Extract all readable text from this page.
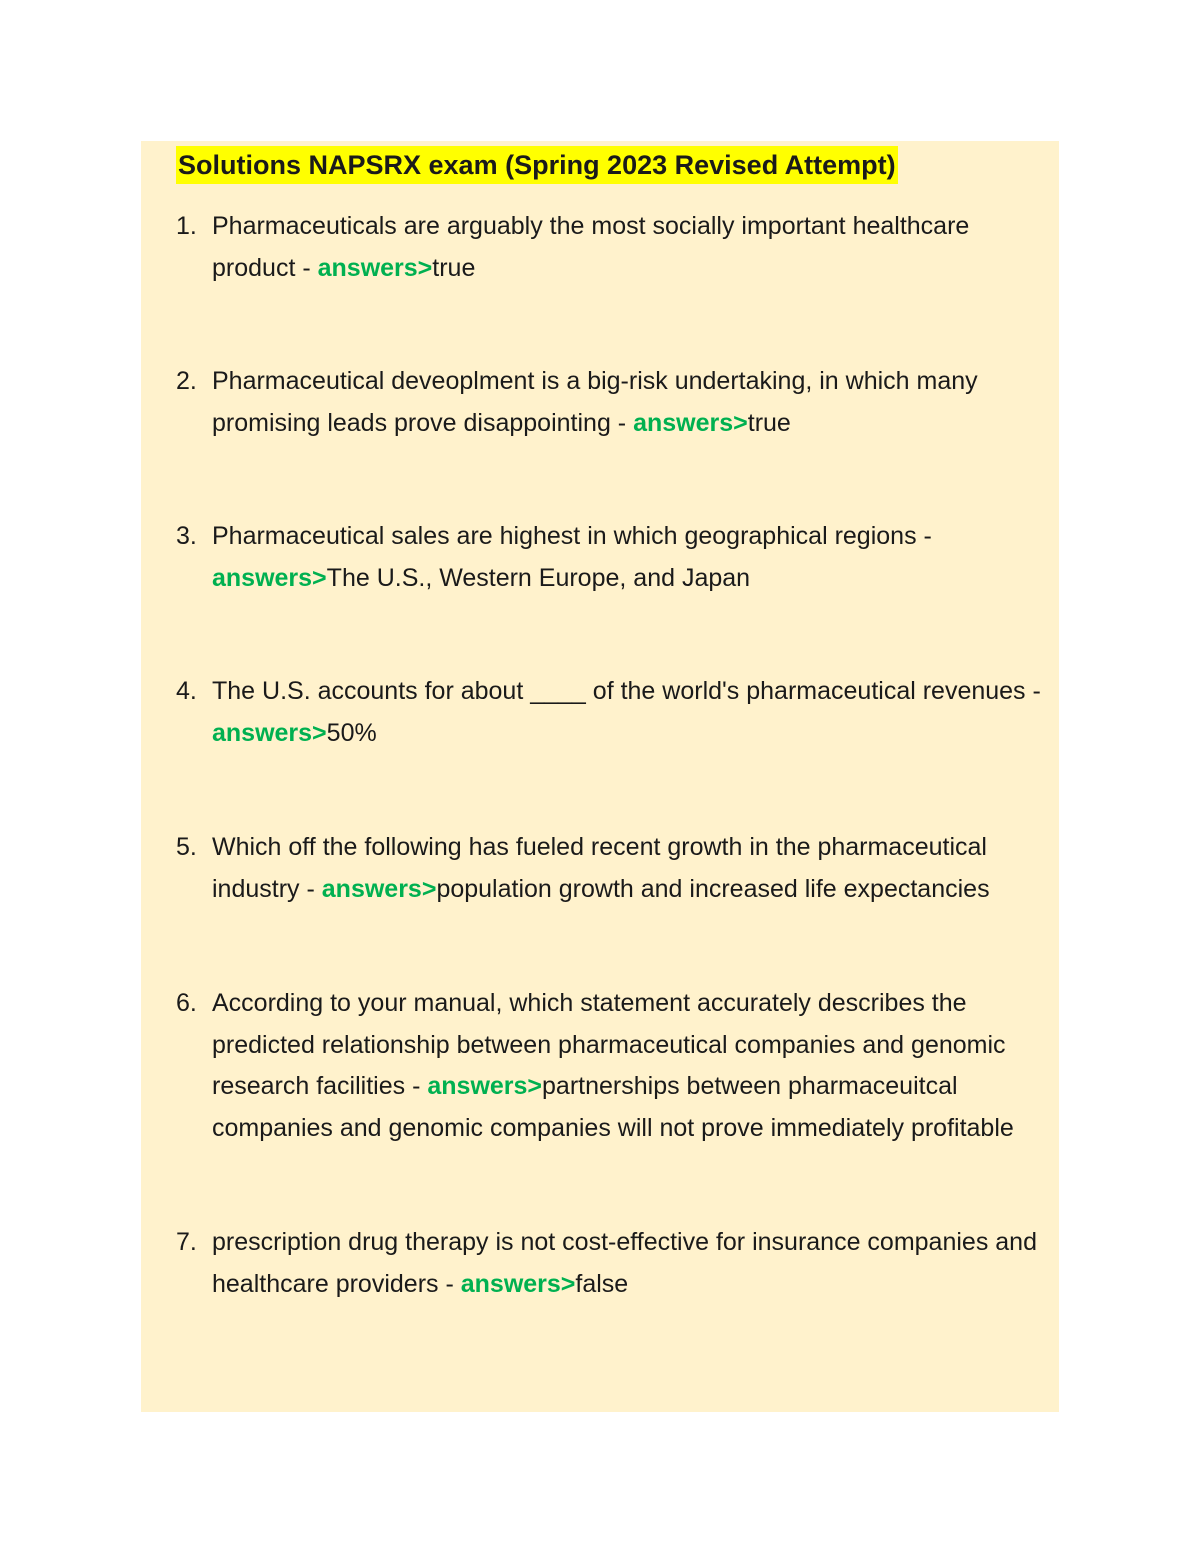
Solutions NAPSRX exam (Spring 2023 Revised Attempt)
1. Pharmaceuticals are arguably the most socially important healthcare product - answers>true
2. Pharmaceutical deveoplment is a big-risk undertaking, in which many promising leads prove disappointing - answers>true
3. Pharmaceutical sales are highest in which geographical regions -
answers>The U.S., Western Europe, and Japan
4. The U.S. accounts for about ____ of the world's pharmaceutical revenues - answers>50%
5. Which off the following has fueled recent growth in the pharmaceutical industry - answers>population growth and increased life expectancies
6. According to your manual, which statement accurately describes the predicted relationship between pharmaceutical companies and genomic research facilities - answers>partnerships between pharmaceuitcal companies and genomic companies will not prove immediately profitable
7. prescription drug therapy is not cost-effective for insurance companies and healthcare providers - answers>false
